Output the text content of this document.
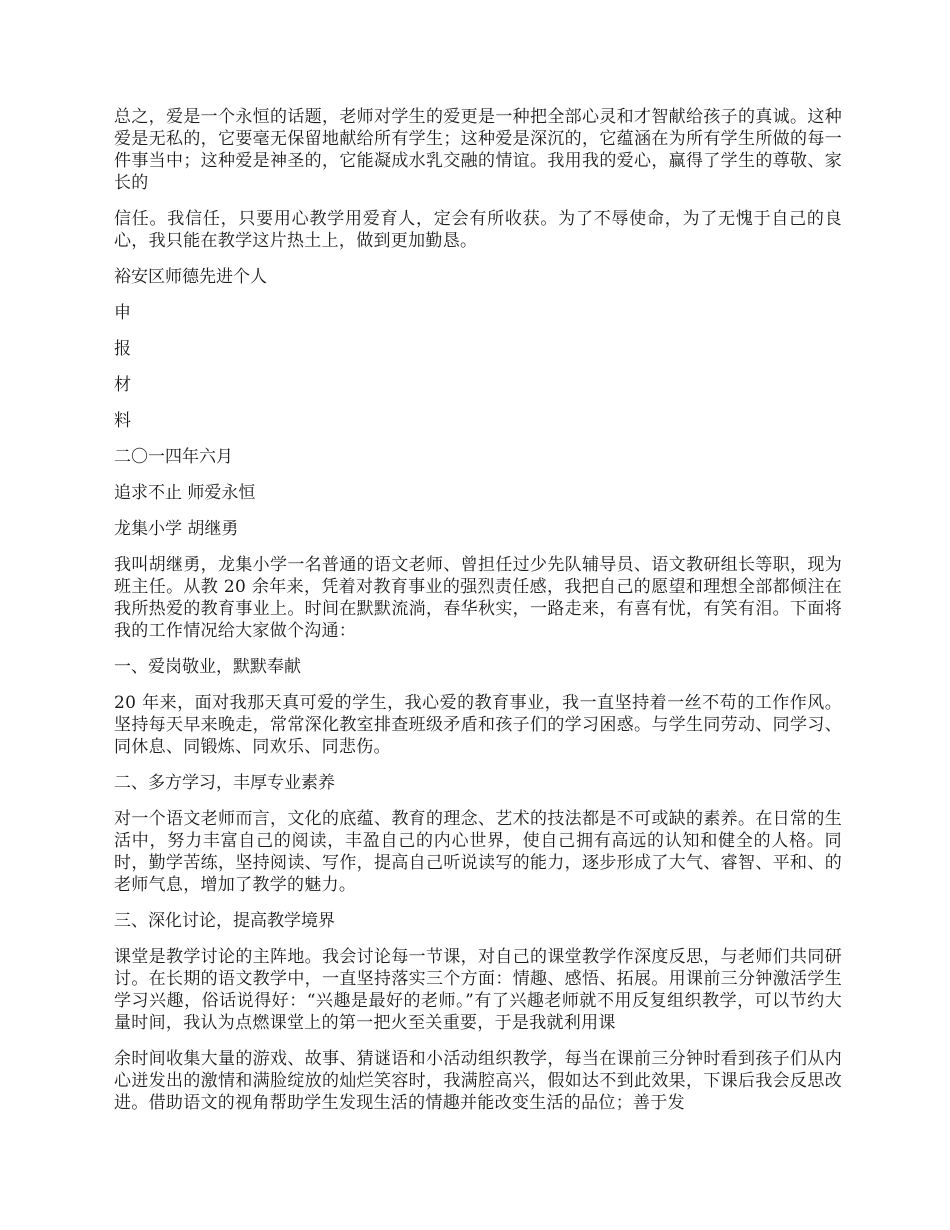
总之，爱是一个永恒的话题，老师对学生的爱更是一种把全部心灵和才智献给孩子的真诚。这种爱是无私的，它要毫无保留地献给所有学生；这种爱是深沉的，它蕴涵在为所有学生所做的每一件事当中；这种爱是神圣的，它能凝成水乳交融的情谊。我用我的爱心，赢得了学生的尊敬、家长的

信任。我信任，只要用心教学用爱育人，定会有所收获。为了不辱使命，为了无愧于自己的良心，我只能在教学这片热土上，做到更加勤恳。

裕安区师德先进个人

申

报

材

料

二〇一四年六月

追求不止 师爱永恒

龙集小学 胡继勇

我叫胡继勇，龙集小学一名普通的语文老师、曾担任过少先队辅导员、语文教研组长等职，现为班主任。从教 20 余年来，凭着对教育事业的强烈责任感，我把自己的愿望和理想全部都倾注在我所热爱的教育事业上。时间在默默流淌，春华秋实，一路走来，有喜有忧，有笑有泪。下面将我的工作情况给大家做个沟通：

一、爱岗敬业，默默奉献

20 年来，面对我那天真可爱的学生，我心爱的教育事业，我一直坚持着一丝不苟的工作作风。坚持每天早来晚走，常常深化教室排查班级矛盾和孩子们的学习困惑。与学生同劳动、同学习、同休息、同锻炼、同欢乐、同悲伤。

二、多方学习，丰厚专业素养

对一个语文老师而言，文化的底蕴、教育的理念、艺术的技法都是不可或缺的素养。在日常的生活中，努力丰富自己的阅读，丰盈自己的内心世界，使自己拥有高远的认知和健全的人格。同时，勤学苦练，坚持阅读、写作，提高自己听说读写的能力，逐步形成了大气、睿智、平和、的老师气息，增加了教学的魅力。

三、深化讨论，提高教学境界

课堂是教学讨论的主阵地。我会讨论每一节课，对自己的课堂教学作深度反思，与老师们共同研讨。在长期的语文教学中，一直坚持落实三个方面：情趣、感悟、拓展。用课前三分钟激活学生学习兴趣，俗话说得好：“兴趣是最好的老师。”有了兴趣老师就不用反复组织教学，可以节约大量时间，我认为点燃课堂上的第一把火至关重要，于是我就利用课

余时间收集大量的游戏、故事、猜谜语和小活动组织教学，每当在课前三分钟时看到孩子们从内心迸发出的激情和满脸绽放的灿烂笑容时，我满腔高兴，假如达不到此效果，下课后我会反思改进。借助语文的视角帮助学生发现生活的情趣并能改变生活的品位；善于发
